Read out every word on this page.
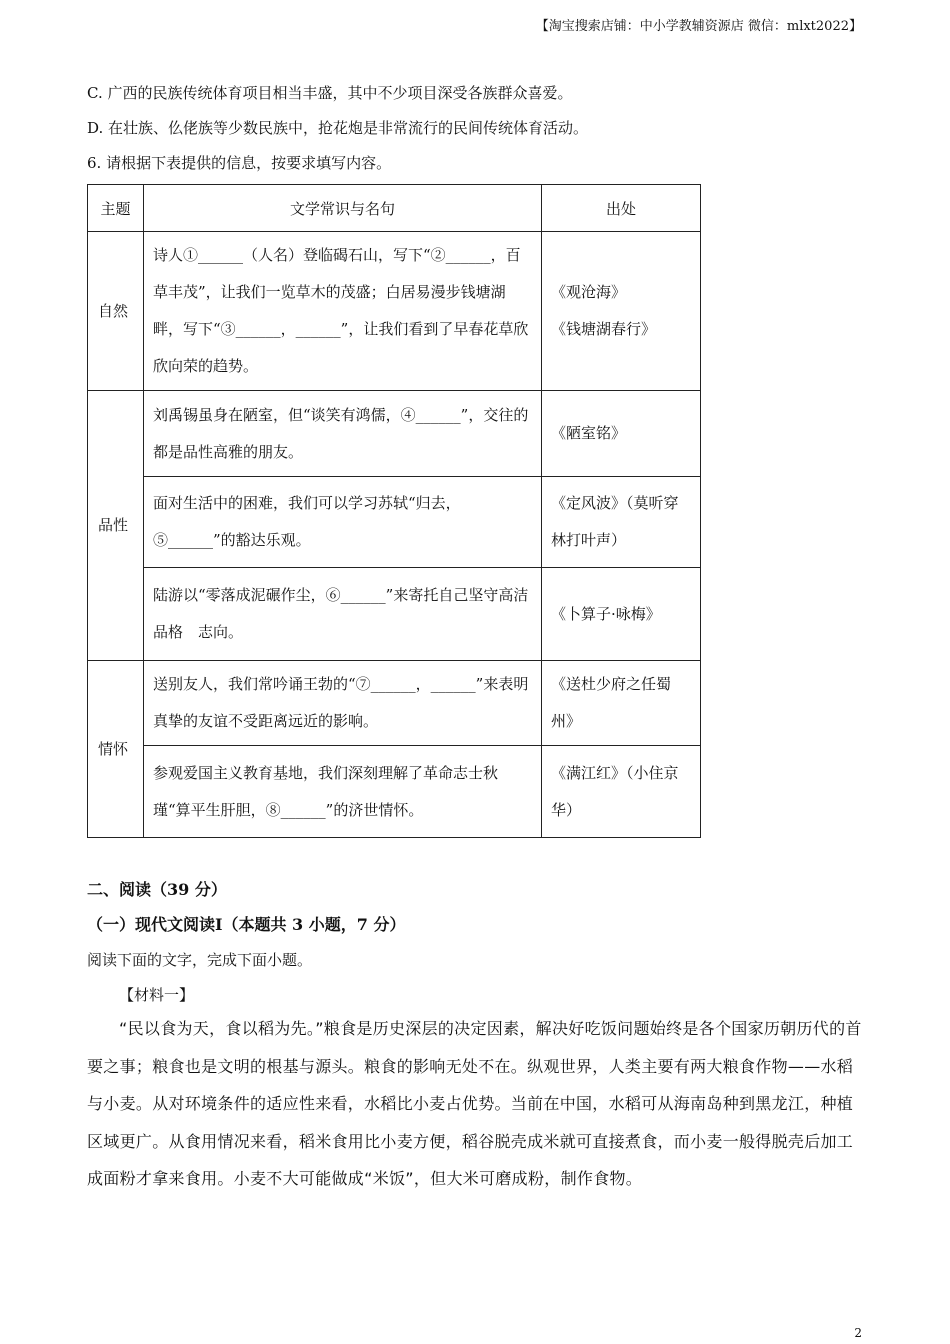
【淘宝搜索店铺：中小学教辅资源店 微信：mlxt2022】
C. 广西的民族传统体育项目相当丰盛，其中不少项目深受各族群众喜爱。
D. 在壮族、仫佬族等少数民族中，抢花炮是非常流行的民间传统体育活动。
6. 请根据下表提供的信息，按要求填写内容。
主题	文学常识与名句	出处
自然	诗人①______（人名）登临碣石山，写下“②______，百草丰茂”，让我们一览草木的茂盛；白居易漫步钱塘湖畔，写下“③______，______”，让我们看到了早春花草欣欣向荣的趋势。	《观沧海》
《钱塘湖春行》
品性	刘禹锡虽身在陋室，但“谈笑有鸿儒，④______”，交往的都是品性高雅的朋友。	《陋室铭》
	面对生活中的困难，我们可以学习苏轼“归去，⑤______”的豁达乐观。	《定风波》（莫听穿林打叶声）
	陆游以“零落成泥碾作尘，⑥______”来寄托自己坚守高洁品格　志向。	《卜算子·咏梅》
情怀	送别友人，我们常吟诵王勃的“⑦______，______”来表明真挚的友谊不受距离远近的影响。	《送杜少府之任蜀州》
	参观爱国主义教育基地，我们深刻理解了革命志士秋瑾“算平生肝胆，⑧______”的济世情怀。	《满江红》（小住京华）
二、阅读（39 分）
（一）现代文阅读Ⅰ（本题共 3 小题，7 分）
阅读下面的文字，完成下面小题。
【材料一】
“民以食为天，食以稻为先。”粮食是历史深层的决定因素，解决好吃饭问题始终是各个国家历朝历代的首要之事；粮食也是文明的根基与源头。粮食的影响无处不在。纵观世界，人类主要有两大粮食作物——水稻与小麦。从对环境条件的适应性来看，水稻比小麦占优势。当前在中国，水稻可从海南岛种到黑龙江，种植区域更广。从食用情况来看，稻米食用比小麦方便，稻谷脱壳成米就可直接煮食，而小麦一般得脱壳后加工成面粉才拿来食用。小麦不大可能做成“米饭”，但大米可磨成粉，制作食物。
2
